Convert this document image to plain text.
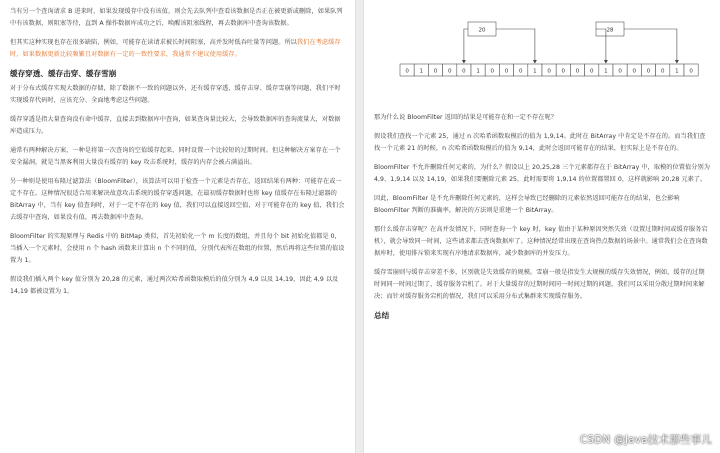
当有另一个查询请求 B 进来时，如果发现缓存中没有该值，则会先去队列中查看该数据是否正在被更新或删除，如果队列中有该数据，则阻塞等待，直到 A 操作数据库成功之后，唤醒该阻塞线程，再去数据库中查询该数据。

但其实这种实现也存在很多缺陷，例如，可能存在读请求被长时间阻塞，高并发时低吞吐量等问题。所以我们在考虑缓存时，如果数据更新比较频繁且对数据有一定的一致性要求，我通常不建议使用缓存。

缓存穿透、缓存击穿、缓存雪崩

对于分布式缓存实现大数据的存储，除了数据不一致的问题以外，还有缓存穿透、缓存击穿、缓存雪崩等问题，我们平时实现缓存代码时，应该充分、全面地考虑这些问题。

缓存穿透是指大量查询没有命中缓存，直接去到数据库中查询，如果查询量比较大，会导致数据库的查询流量大，对数据库造成压力。

通常有两种解决方案，一种是将第一次查询的空值缓存起来，同时设置一个比较短的过期时间。但这种解决方案存在一个安全漏洞，就是当黑客利用大量没有缓存的 key 攻击系统时，缓存的内存会被占满溢出。

另一种则是使用布隆过滤算法（BloomFilter），该算法可以用于检查一个元素是否存在，返回结果有两种：可能存在或一定不存在。这种情况很适合用来解决故意攻击系统的缓存穿透问题，在最初缓存数据时也将 key 值缓存在布隆过滤器的 BitArray 中，当有 key 值查询时，对于一定不存在的 key 值，我们可以直接返回空值，对于可能存在的 key 值，我们会去缓存中查询，如果没有值，再去数据库中查询。

BloomFilter 的实现原理与 Redis 中的 BitMap 类似，首先初始化一个 m 长度的数组，并且每个 bit 初始化值都是 0，当插入一个元素时，会使用 n 个 hash 函数来计算出 n 个不同的值，分别代表所在数组的位置，然后再将这些位置的值设置为 1。

假设我们插入两个 key 值分别为 20,28 的元素，通过两次哈希函数取模后的值分别为 4,9 以及 14,19，因此 4,9 以及 14,19 都被设置为 1。

20	28
0 1 0 0 0 1 0 0 0 1 0 0 0 0 1 0 0 0 0 1 0

那为什么说 BloomFilter 返回的结果是可能存在和一定不存在呢？

假设我们查找一个元素 25，通过 n 次哈希函数取模后的值为 1,9,14。此时在 BitArray 中肯定是不存在的。而当我们查找一个元素 21 的时候，n 次哈希函数取模后的值为 9,14，此时会返回可能存在的结果，但实际上是不存在的。

BloomFilter 不允许删除任何元素的，为什么？假设以上 20,25,28 三个元素都存在于 BitArray 中，取模的位置值分别为 4,9、1,9,14 以及 14,19，如果我们要删除元素 25，此时需要将 1,9,14 的位置都置回 0，这样就影响 20,28 元素了。

因此，BloomFilter 是不允许删除任何元素的，这样会导致已经删除的元素依然返回可能存在的结果，也会影响 BloomFilter 判断的准确率，解决的方法则是重建一个 BitArray。

那什么缓存击穿呢？在高并发情况下，同时查询一个 key 时，key 值由于某种原因突然失效（设置过期时间或缓存服务宕机），就会导致同一时间，这些请求都去查询数据库了。这种情况经常出现在查询热点数据的场景中。通常我们会在查询数据库时，使用排斥锁来实现有序地请求数据库，减少数据库的并发压力。

缓存雪崩则与缓存击穿差不多，区别就是失效缓存的规模。雪崩一般是指发生大规模的缓存失效情况，例如，缓存的过期时间同一时间过期了，缓存服务宕机了。对于大量缓存的过期时间同一时间过期的问题，我们可以采用分散过期时间来解决；而针对缓存服务宕机的情况，我们可以采用分布式集群来实现缓存服务。

总结

CSDN @Java技术那些事儿
